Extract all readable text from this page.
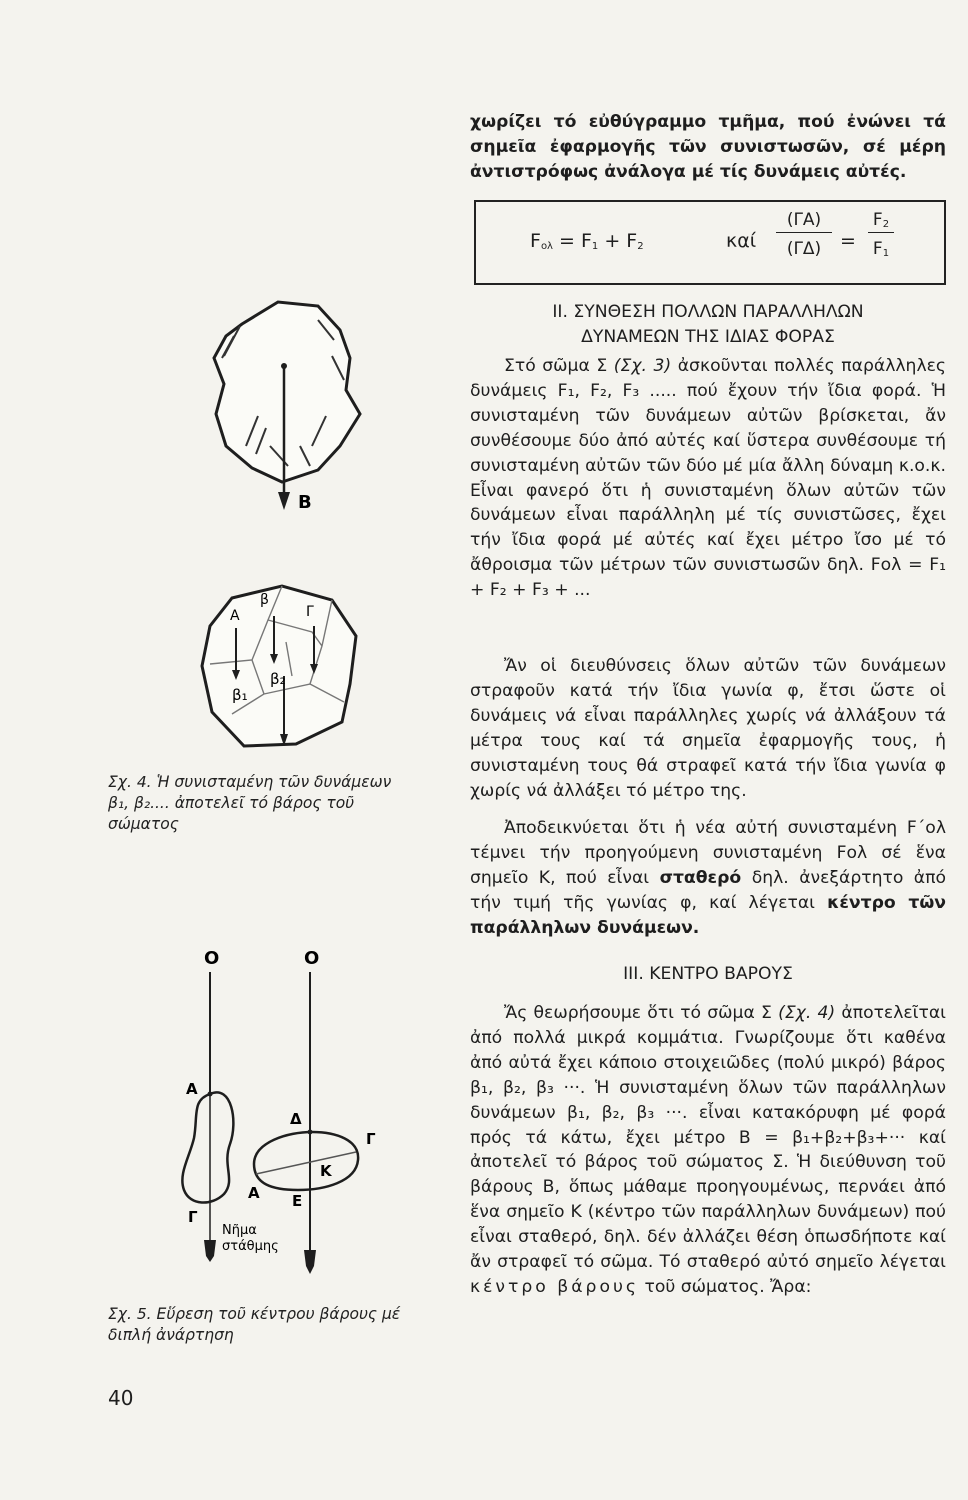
χωρίζει τό εὐθύγραμμο τμῆμα, πού ἐνώνει τά σημεῖα ἐφαρμογῆς τῶν συνιστωσῶν, σέ μέρη ἀντιστρόφως ἀνάλογα μέ τίς δυνάμεις αὐτές.
$F_{o\lambda} = F_1 + F_2$	καί $\frac{(\Gamma A)}{(\Gamma\Delta)} = \frac{F_2}{F_1}$
ΙΙ. ΣΥΝΘΕΣΗ ΠΟΛΛΩΝ ΠΑΡΑΛΛΗΛΩΝ
ΔΥΝΑΜΕΩΝ ΤΗΣ ΙΔΙΑΣ ΦΟΡΑΣ
Στό σῶμα Σ (Σχ. 3) ἀσκοῦνται πολλές παράλληλες δυνάμεις F₁, F₂, F₃ ..... πού ἔχουν τήν ἴδια φορά. Ἡ συνισταμένη τῶν δυνάμεων αὐτῶν βρίσκεται, ἄν συνθέσουμε δύο ἀπό αὐτές καί ὕστερα συνθέσουμε τή συνισταμένη αὐτῶν τῶν δύο μέ μία ἄλλη δύναμη κ.ο.κ. Εἶναι φανερό ὅτι ἡ συνισταμένη ὅλων αὐτῶν τῶν δυνάμεων εἶναι παράλληλη μέ τίς συνιστῶσες, ἔχει τήν ἴδια φορά μέ αὐτές καί ἔχει μέτρο ἴσο μέ τό ἄθροισμα τῶν μέτρων τῶν συνιστωσῶν δηλ. Fολ = F₁ + F₂ + F₃ + ...
Ἄν οἱ διευθύνσεις ὅλων αὐτῶν τῶν δυνάμεων στραφοῦν κατά τήν ἴδια γωνία φ, ἔτσι ὥστε οἱ δυνάμεις νά εἶναι παράλληλες χωρίς νά ἀλλάξουν τά μέτρα τους καί τά σημεῖα ἐφαρμογῆς τους, ἡ συνισταμένη τους θά στραφεῖ κατά τήν ἴδια γωνία φ χωρίς νά ἀλλάξει τό μέτρο της.
Ἀποδεικνύεται ὅτι ἡ νέα αὐτή συνισταμένη F΄ολ τέμνει τήν προηγούμενη συνισταμένη Fολ σέ ἕνα σημεῖο Κ, πού εἶναι σταθερό δηλ. ἀνεξάρτητο ἀπό τήν τιμή τῆς γωνίας φ, καί λέγεται κέντρο τῶν παράλληλων δυνάμεων.
ΙΙΙ. ΚΕΝΤΡΟ ΒΑΡΟΥΣ
Ἄς θεωρήσουμε ὅτι τό σῶμα Σ (Σχ. 4) ἀποτελεῖται ἀπό πολλά μικρά κομμάτια. Γνωρίζουμε ὅτι καθένα ἀπό αὐτά ἔχει κάποιο στοιχειῶδες (πολύ μικρό) βάρος β₁, β₂, β₃ ···. Ἡ συνισταμένη ὅλων τῶν παράλληλων δυνάμεων β₁, β₂, β₃ ···. εἶναι κατακόρυφη μέ φορά πρός τά κάτω, ἔχει μέτρο Β = β₁+β₂+β₃+··· καί ἀποτελεῖ τό βάρος τοῦ σώματος Σ. Ἡ διεύθυνση τοῦ βάρους Β, ὅπως μάθαμε προηγουμένως, περνάει ἀπό ἕνα σημεῖο Κ (κέντρο τῶν παράλληλων δυνάμεων) πού εἶναι σταθερό, δηλ. δέν ἀλλάζει θέση ὁπωσδήποτε καί ἄν στραφεῖ τό σῶμα. Τό σταθερό αὐτό σημεῖο λέγεται κέντρο βάρους τοῦ σώματος. Ἄρα:
Β
Α
β
Γ
β₂
β₁
Σχ. 4. Ἡ συνισταμένη τῶν δυνάμεων β₁, β₂.... ἀποτελεῖ τό βάρος τοῦ σώματος
Ο	Ο
Α
Γ
Δ
Γ
Κ
Α Ε
Νῆμα
στάθμης
Σχ. 5. Εὕρεση τοῦ κέντρου βάρους μέ διπλή ἀνάρτηση
40
